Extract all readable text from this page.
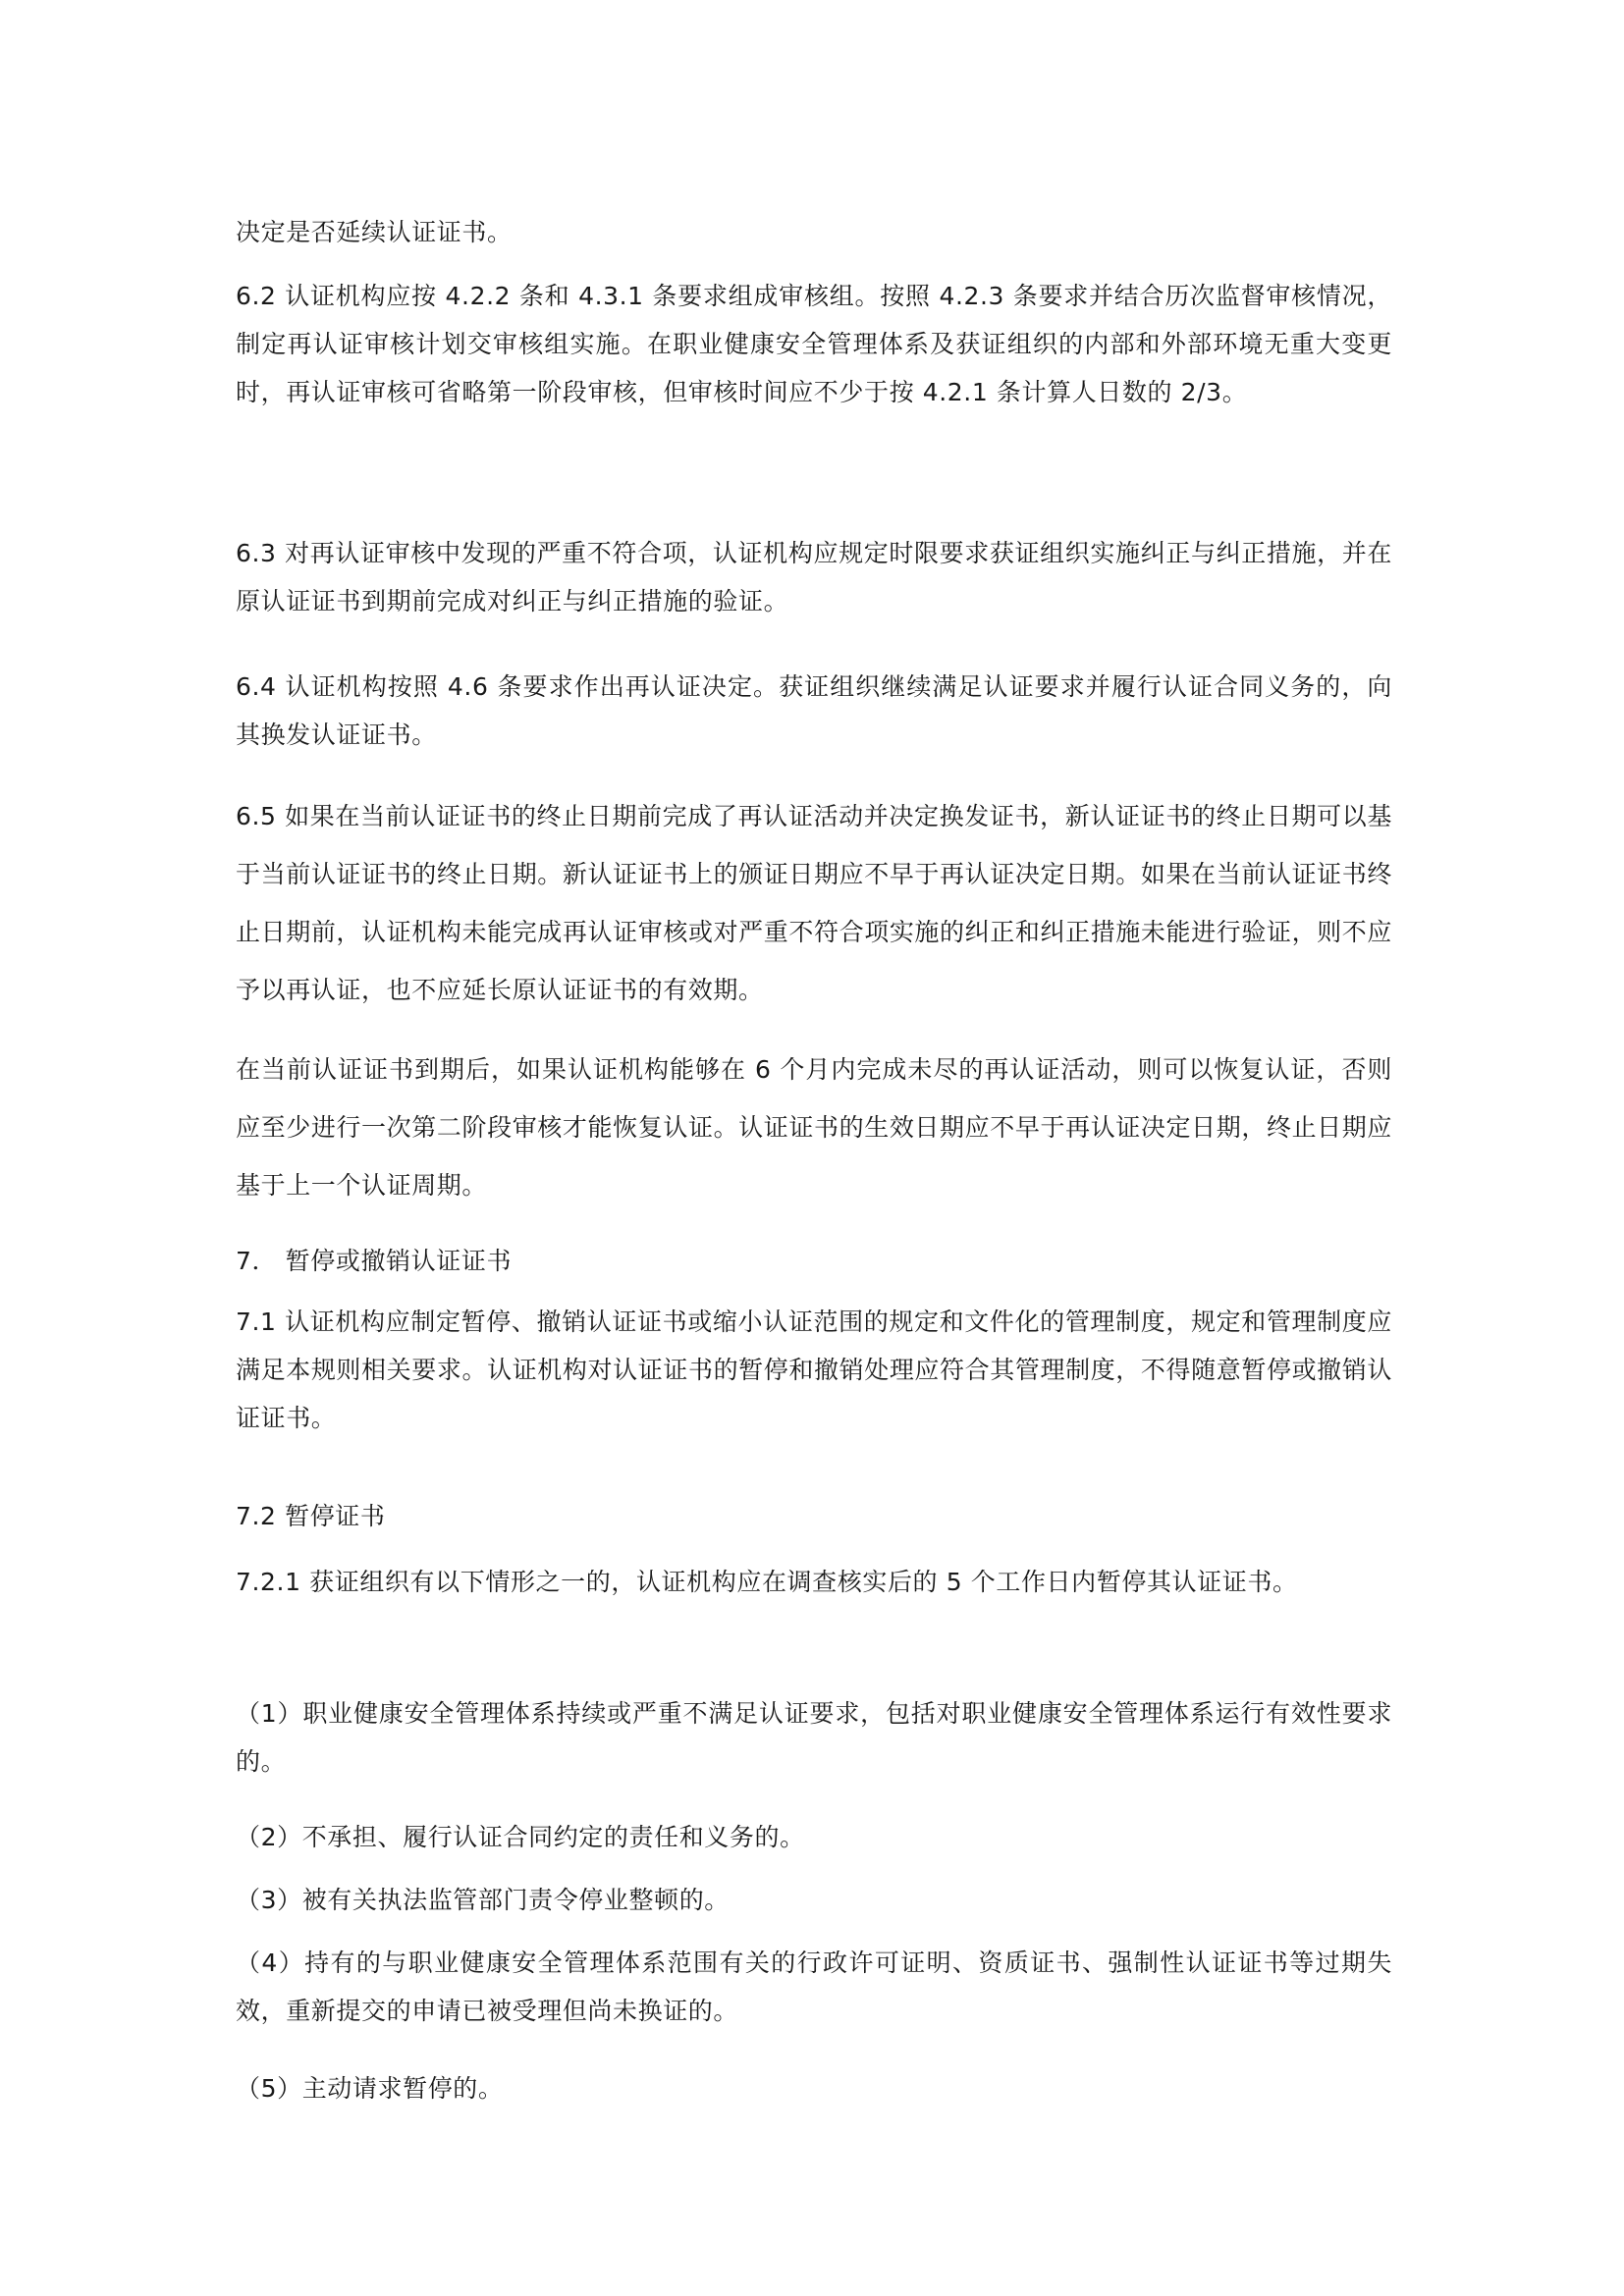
决定是否延续认证证书。

6.2 认证机构应按 4.2.2 条和 4.3.1 条要求组成审核组。按照 4.2.3 条要求并结合历次监督审核情况，制定再认证审核计划交审核组实施。在职业健康安全管理体系及获证组织的内部和外部环境无重大变更时，再认证审核可省略第一阶段审核，但审核时间应不少于按 4.2.1 条计算人日数的 2/3。

6.3 对再认证审核中发现的严重不符合项，认证机构应规定时限要求获证组织实施纠正与纠正措施，并在原认证证书到期前完成对纠正与纠正措施的验证。

6.4 认证机构按照 4.6 条要求作出再认证决定。获证组织继续满足认证要求并履行认证合同义务的，向其换发认证证书。

6.5 如果在当前认证证书的终止日期前完成了再认证活动并决定换发证书，新认证证书的终止日期可以基于当前认证证书的终止日期。新认证证书上的颁证日期应不早于再认证决定日期。如果在当前认证证书终止日期前，认证机构未能完成再认证审核或对严重不符合项实施的纠正和纠正措施未能进行验证，则不应予以再认证，也不应延长原认证证书的有效期。

在当前认证证书到期后，如果认证机构能够在 6 个月内完成未尽的再认证活动，则可以恢复认证，否则应至少进行一次第二阶段审核才能恢复认证。认证证书的生效日期应不早于再认证决定日期，终止日期应基于上一个认证周期。

7． 暂停或撤销认证证书

7.1 认证机构应制定暂停、撤销认证证书或缩小认证范围的规定和文件化的管理制度，规定和管理制度应满足本规则相关要求。认证机构对认证证书的暂停和撤销处理应符合其管理制度，不得随意暂停或撤销认证证书。

7.2 暂停证书

7.2.1 获证组织有以下情形之一的，认证机构应在调查核实后的 5 个工作日内暂停其认证证书。

（1）职业健康安全管理体系持续或严重不满足认证要求，包括对职业健康安全管理体系运行有效性要求的。

（2）不承担、履行认证合同约定的责任和义务的。

（3）被有关执法监管部门责令停业整顿的。

（4）持有的与职业健康安全管理体系范围有关的行政许可证明、资质证书、强制性认证证书等过期失效，重新提交的申请已被受理但尚未换证的。

（5）主动请求暂停的。
